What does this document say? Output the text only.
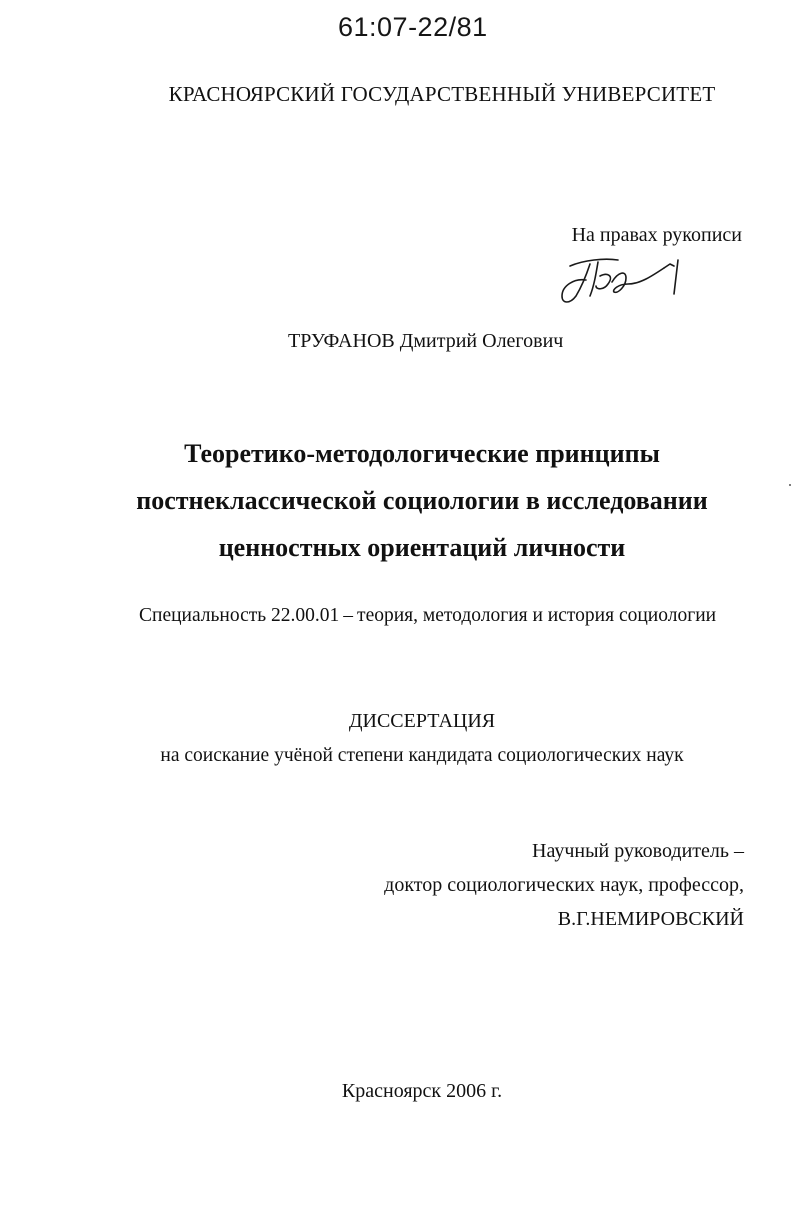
61:07-22/81
КРАСНОЯРСКИЙ ГОСУДАРСТВЕННЫЙ УНИВЕРСИТЕТ
На правах рукописи
ТРУФАНОВ Дмитрий Олегович
Теоретико-методологические принципы
постнеклассической социологии в исследовании
ценностных ориентаций личности
Специальность 22.00.01 – теория, методология и история социологии
ДИССЕРТАЦИЯ
на соискание учёной степени кандидата социологических наук
Научный руководитель –
доктор социологических наук, профессор,
В.Г.НЕМИРОВСКИЙ
Красноярск 2006 г.
